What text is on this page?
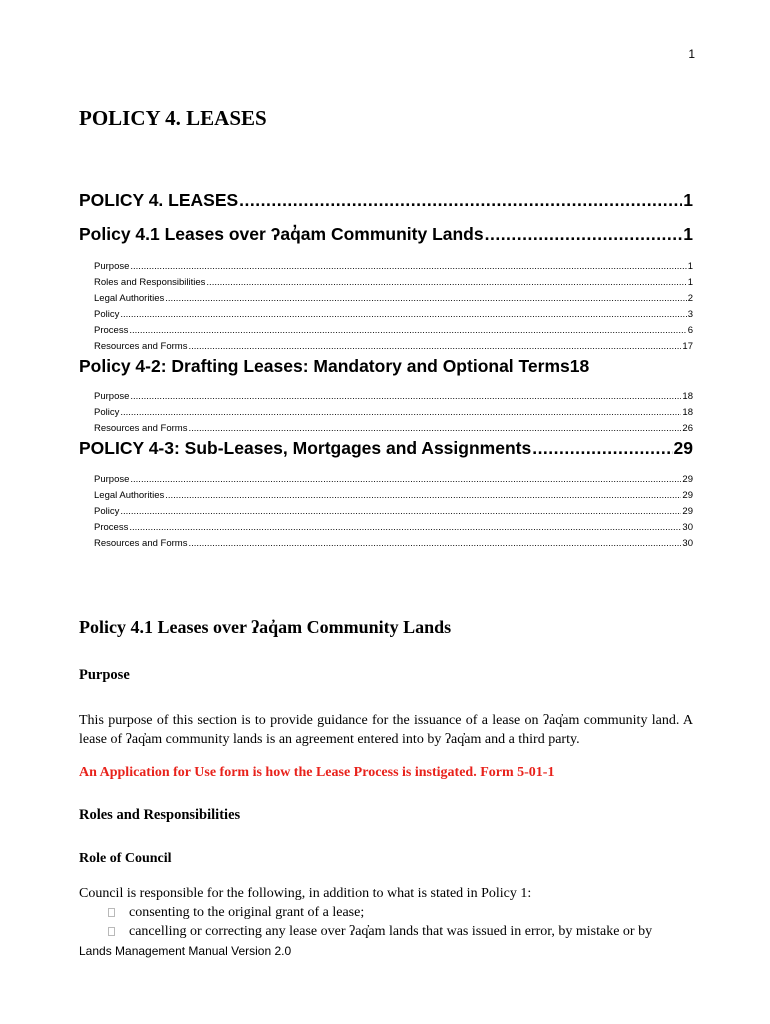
1
POLICY 4. LEASES
POLICY 4. LEASES .....	1
Policy 4.1 Leases over ʔaq̓am Community Lands .....	1
Purpose .....	1
Roles and Responsibilities .....	1
Legal Authorities .....	2
Policy .....	3
Process .....	6
Resources and Forms .....	17
Policy 4-2: Drafting Leases: Mandatory and Optional Terms 18
Purpose .....	18
Policy .....	18
Resources and Forms .....	26
POLICY 4-3: Sub-Leases, Mortgages and Assignments .....	29
Purpose .....	29
Legal Authorities .....	29
Policy .....	29
Process .....	30
Resources and Forms .....	30
Policy 4.1 Leases over ʔaq̓am Community Lands
Purpose

This purpose of this section is to provide guidance for the issuance of a lease on ʔaq̓am community land. A lease of ʔaq̓am community lands is an agreement entered into by ʔaq̓am and a third party.

An Application for Use form is how the Lease Process is instigated. Form 5-01-1

Roles and Responsibilities
Role of Council

Council is responsible for the following, in addition to what is stated in Policy 1:

consenting to the original grant of a lease;
cancelling or correcting any lease over ʔaq̓am lands that was issued in error, by mistake or by
Lands Management Manual Version 2.0
